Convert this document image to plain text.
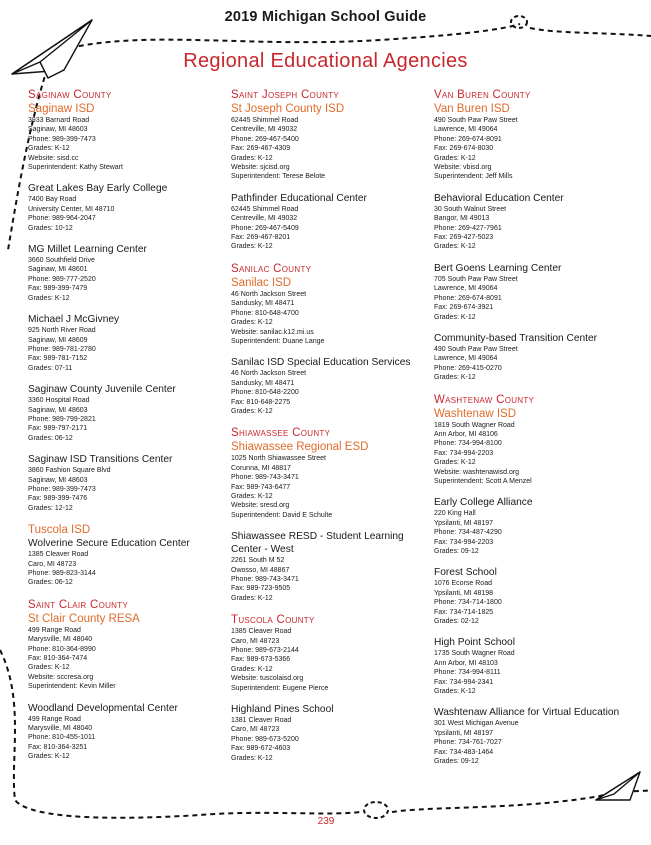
2019 Michigan School Guide
Regional Educational Agencies
Saginaw County
Saginaw ISD
3933 Barnard Road
Saginaw, MI 48603
Phone: 989-399-7473
Grades: K-12
Website: sisd.cc
Superintendent: Kathy Stewart
Great Lakes Bay Early College
7400 Bay Road
University Center, MI 48710
Phone: 989-964-2047
Grades: 10-12
MG Millet Learning Center
3660 Southfield Drive
Saginaw, MI 48601
Phone: 989-777-2520
Fax: 989-399-7479
Grades: K-12
Michael J McGivney
925 North River Road
Saginaw, MI 48609
Phone: 989-781-2780
Fax: 989-781-7152
Grades: 07-11
Saginaw County Juvenile Center
3360 Hospital Road
Saginaw, MI 48603
Phone: 989-799-2821
Fax: 989-797-2171
Grades: 06-12
Saginaw ISD Transitions Center
3860 Fashion Square Blvd
Saginaw, MI 48603
Phone: 989-399-7473
Fax: 989-399-7476
Grades: 12-12
Tuscola ISD
Wolverine Secure Education Center
1385 Cleaver Road
Caro, MI 48723
Phone: 989-823-3144
Grades: 06-12
Saint Clair County
St Clair County RESA
499 Range Road
Marysville, MI 48040
Phone: 810-364-8990
Fax: 810-364-7474
Grades: K-12
Website: sccresa.org
Superintendent: Kevin Miller
Woodland Developmental Center
499 Range Road
Marysville, MI 48040
Phone: 810-455-1011
Fax: 810-364-3251
Grades: K-12
Saint Joseph County
St Joseph County ISD
62445 Shimmel Road
Centreville, MI 49032
Phone: 269-467-5400
Fax: 269-467-4309
Grades: K-12
Website: sjcisd.org
Superintendent: Terese Belote
Pathfinder Educational Center
62445 Shimmel Road
Centreville, MI 49032
Phone: 269-467-5409
Fax: 269-467-8201
Grades: K-12
Sanilac County
Sanilac ISD
46 North Jackson Street
Sandusky, MI 48471
Phone: 810-648-4700
Grades: K-12
Website: sanilac.k12.mi.us
Superintendent: Duane Lange
Sanilac ISD Special Education Services
46 North Jackson Street
Sandusky, MI 48471
Phone: 810-648-2200
Fax: 810-648-2275
Grades: K-12
Shiawassee County
Shiawassee Regional ESD
1025 North Shiawassee Street
Corunna, MI 48817
Phone: 989-743-3471
Fax: 989-743-6477
Grades: K-12
Website: sresd.org
Superintendent: David E Schulte
Shiawassee RESD - Student Learning Center - West
2261 South M 52
Owosso, MI 48867
Phone: 989-743-3471
Fax: 989-723-9505
Grades: K-12
Tuscola County
1385 Cleaver Road
Caro, MI 48723
Phone: 989-673-2144
Fax: 989-673-5366
Grades: K-12
Website: tuscolaisd.org
Superintendent: Eugene Pierce
Highland Pines School
1381 Cleaver Road
Caro, MI 48723
Phone: 989-673-5200
Fax: 989-672-4603
Grades: K-12
Van Buren County
Van Buren ISD
490 South Paw Paw Street
Lawrence, MI 49064
Phone: 269-674-8091
Fax: 269-674-8030
Grades: K-12
Website: vbisd.org
Superintendent: Jeff Mills
Behavioral Education Center
30 South Walnut Street
Bangor, MI 49013
Phone: 269-427-7961
Fax: 269-427-5023
Grades: K-12
Bert Goens Learning Center
705 South Paw Paw Street
Lawrence, MI 49064
Phone: 269-674-8091
Fax: 269-674-3921
Grades: K-12
Community-based Transition Center
490 South Paw Paw Street
Lawrence, MI 49064
Phone: 269-415-0270
Grades: K-12
Washtenaw County
Washtenaw ISD
1819 South Wagner Road
Ann Arbor, MI 48106
Phone: 734-994-8100
Fax: 734-994-2203
Grades: K-12
Website: washtenawisd.org
Superintendent: Scott A Menzel
Early College Alliance
220 King Hall
Ypsilanti, MI 48197
Phone: 734-487-4290
Fax: 734-994-2203
Grades: 09-12
Forest School
1076 Ecorse Road
Ypsilanti, MI 48198
Phone: 734-714-1800
Fax: 734-714-1825
Grades: 02-12
High Point School
1735 South Wagner Road
Ann Arbor, MI 48103
Phone: 734-994-8111
Fax: 734-994-2341
Grades: K-12
Washtenaw Alliance for Virtual Education
301 West Michigan Avenue
Ypsilanti, MI 48197
Phone: 734-761-7027
Fax: 734-483-1464
Grades: 09-12
239
